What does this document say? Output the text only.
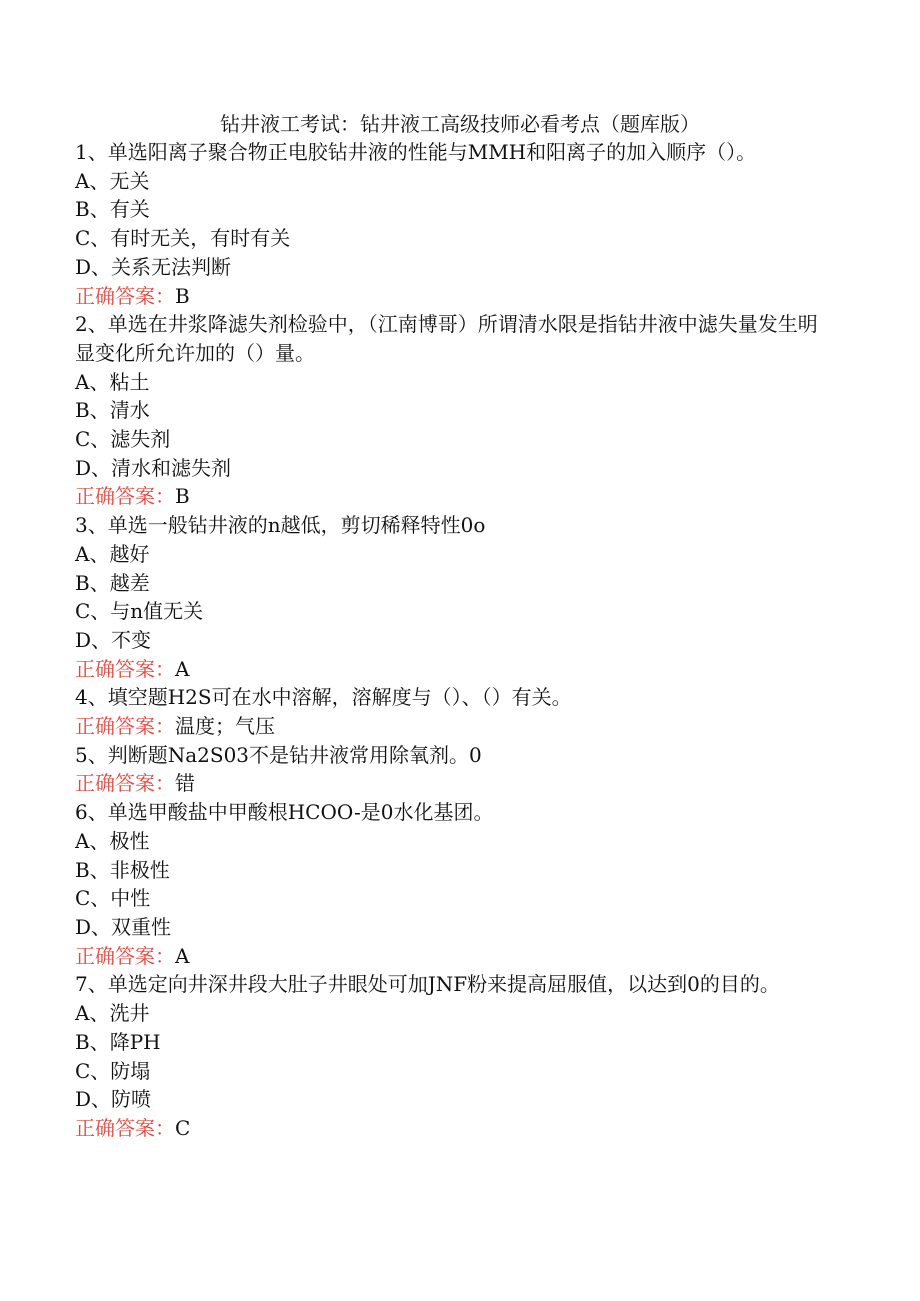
钻井液工考试：钻井液工高级技师必看考点（题库版）
1、单选阳离子聚合物正电胶钻井液的性能与MMH和阳离子的加入顺序（）。
A、无关
B、有关
C、有时无关，有时有关
D、关系无法判断
正确答案：B
2、单选在井浆降滤失剂检验中，（江南博哥）所谓清水限是指钻井液中滤失量发生明显变化所允许加的（）量。
A、粘土
B、清水
C、滤失剂
D、清水和滤失剂
正确答案：B
3、单选一般钻井液的n越低，剪切稀释特性0o
A、越好
B、越差
C、与n值无关
D、不变
正确答案：A
4、填空题H2S可在水中溶解，溶解度与（）、（）有关。
正确答案：温度；气压
5、判断题Na2S03不是钻井液常用除氧剂。0
正确答案：错
6、单选甲酸盐中甲酸根HCOO-是0水化基团。
A、极性
B、非极性
C、中性
D、双重性
正确答案：A
7、单选定向井深井段大肚子井眼处可加JNF粉来提高屈服值，以达到0的目的。
A、洗井
B、降PH
C、防塌
D、防喷
正确答案：C
